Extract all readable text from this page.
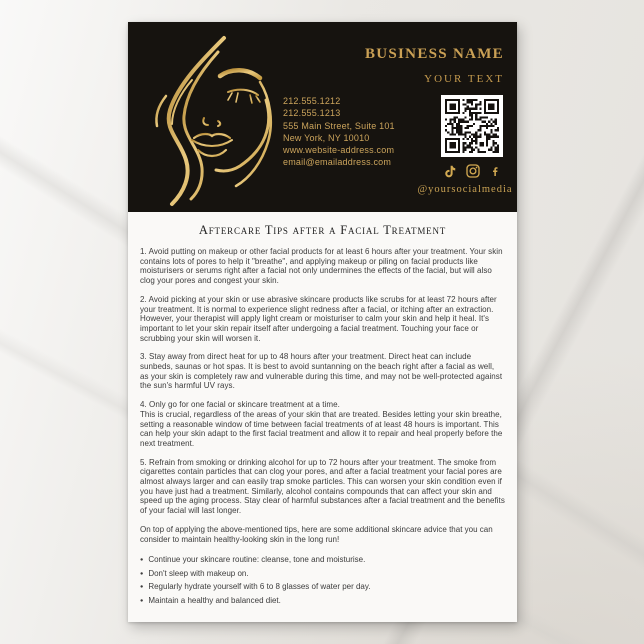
BUSINESS NAME
YOUR TEXT
212.555.1212
212.555.1213
555 Main Street, Suite 101
New York, NY 10010
www.website-address.com
email@emailaddress.com
@yoursocialmedia
Aftercare Tips after a Facial Treatment

1. Avoid putting on makeup or other facial products for at least 6 hours after your treatment. Your skin contains lots of pores to help it "breathe", and applying makeup or piling on facial products like moisturisers or serums right after a facial not only undermines the effects of the facial, but will also clog your pores and congest your skin.

2. Avoid picking at your skin or use abrasive skincare products like scrubs for at least 72 hours after your treatment. It is normal to experience slight redness after a facial, or itching after an extraction. However, your therapist will apply light cream or moisturiser to calm your skin and help it heal. It's important to let your skin repair itself after undergoing a facial treatment. Touching your face or scrubbing your skin will worsen it.

3. Stay away from direct heat for up to 48 hours after your treatment. Direct heat can include sunbeds, saunas or hot spas. It is best to avoid suntanning on the beach right after a facial as well, as your skin is completely raw and vulnerable during this time, and may not be well-protected against the sun's harmful UV rays.

4. Only go for one facial or skincare treatment at a time.
This is crucial, regardless of the areas of your skin that are treated. Besides letting your skin breathe, setting a reasonable window of time between facial treatments of at least 48 hours is important. This can help your skin adapt to the first facial treatment and allow it to repair and heal properly before the next treatment.

5. Refrain from smoking or drinking alcohol for up to 72 hours after your treatment. The smoke from cigarettes contain particles that can clog your pores, and after a facial treatment your facial pores are almost always larger and can easily trap smoke particles. This can worsen your skin condition even if you have just had a treatment. Similarly, alcohol contains compounds that can affect your skin and speed up the aging process. Stay clear of harmful substances after a facial treatment and the benefits of your facial will last longer.

On top of applying the above-mentioned tips, here are some additional skincare advice that you can consider to maintain healthy-looking skin in the long run!

● Continue your skincare routine: cleanse, tone and moisturise.
● Don't sleep with makeup on.
● Regularly hydrate yourself with 6 to 8 glasses of water per day.
● Maintain a healthy and balanced diet.
